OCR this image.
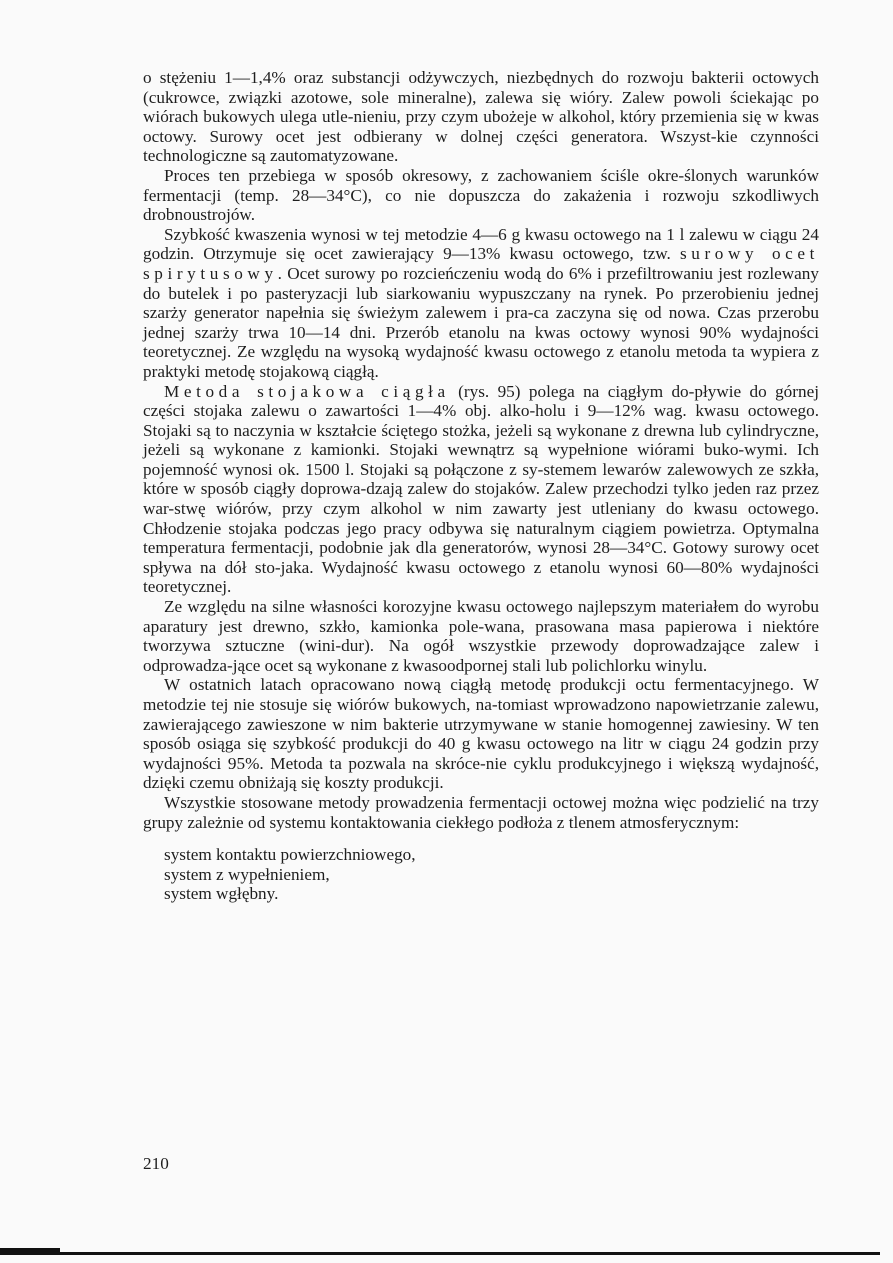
o stężeniu 1—1,4% oraz substancji odżywczych, niezbędnych do rozwoju bakterii octowych (cukrowce, związki azotowe, sole mineralne), zalewa się wióry. Zalew powoli ściekając po wiórach bukowych ulega utle-nieniu, przy czym ubożeje w alkohol, który przemienia się w kwas octowy. Surowy ocet jest odbierany w dolnej części generatora. Wszyst-kie czynności technologiczne są zautomatyzowane.

Proces ten przebiega w sposób okresowy, z zachowaniem ściśle okre-ślonych warunków fermentacji (temp. 28—34°C), co nie dopuszcza do zakażenia i rozwoju szkodliwych drobnoustrojów.

Szybkość kwaszenia wynosi w tej metodzie 4—6 g kwasu octowego na 1 l zalewu w ciągu 24 godzin. Otrzymuje się ocet zawierający 9—13% kwasu octowego, tzw. surowy ocet spirytusowy. Ocet surowy po rozcieńczeniu wodą do 6% i przefiltrowaniu jest rozlewany do butelek i po pasteryzacji lub siarkowaniu wypuszczany na rynek. Po przerobieniu jednej szarży generator napełnia się świeżym zalewem i pra-ca zaczyna się od nowa. Czas przerobu jednej szarży trwa 10—14 dni. Przerób etanolu na kwas octowy wynosi 90% wydajności teoretycznej. Ze względu na wysoką wydajność kwasu octowego z etanolu metoda ta wypiera z praktyki metodę stojakową ciągłą.

Metoda stojakowa ciągła (rys. 95) polega na ciągłym do-pływie do górnej części stojaka zalewu o zawartości 1—4% obj. alko-holu i 9—12% wag. kwasu octowego. Stojaki są to naczynia w kształcie ściętego stożka, jeżeli są wykonane z drewna lub cylindryczne, jeżeli są wykonane z kamionki. Stojaki wewnątrz są wypełnione wiórami buko-wymi. Ich pojemność wynosi ok. 1500 l. Stojaki są połączone z sy-stemem lewarów zalewowych ze szkła, które w sposób ciągły doprowa-dzają zalew do stojaków. Zalew przechodzi tylko jeden raz przez war-stwę wiórów, przy czym alkohol w nim zawarty jest utleniany do kwasu octowego. Chłodzenie stojaka podczas jego pracy odbywa się naturalnym ciągiem powietrza. Optymalna temperatura fermentacji, podobnie jak dla generatorów, wynosi 28—34°C. Gotowy surowy ocet spływa na dół sto-jaka. Wydajność kwasu octowego z etanolu wynosi 60—80% wydajności teoretycznej.

Ze względu na silne własności korozyjne kwasu octowego najlepszym materiałem do wyrobu aparatury jest drewno, szkło, kamionka pole-wana, prasowana masa papierowa i niektóre tworzywa sztuczne (wini-dur). Na ogół wszystkie przewody doprowadzające zalew i odprowadza-jące ocet są wykonane z kwasoodpornej stali lub polichlorku winylu.

W ostatnich latach opracowano nową ciągłą metodę produkcji octu fermentacyjnego. W metodzie tej nie stosuje się wiórów bukowych, na-tomiast wprowadzono napowietrzanie zalewu, zawierającego zawieszone w nim bakterie utrzymywane w stanie homogennej zawiesiny. W ten sposób osiąga się szybkość produkcji do 40 g kwasu octowego na litr w ciągu 24 godzin przy wydajności 95%. Metoda ta pozwala na skróce-nie cyklu produkcyjnego i większą wydajność, dzięki czemu obniżają się koszty produkcji.

Wszystkie stosowane metody prowadzenia fermentacji octowej można więc podzielić na trzy grupy zależnie od systemu kontaktowania ciekłego podłoża z tlenem atmosferycznym:

system kontaktu powierzchniowego,
system z wypełnieniem,
system wgłębny.
210
